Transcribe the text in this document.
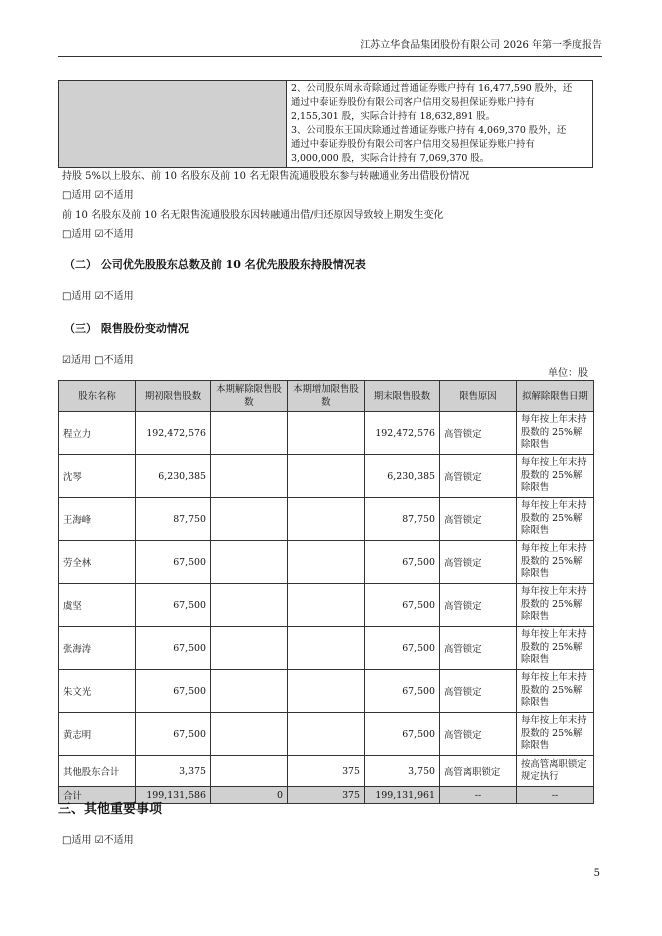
江苏立华食品集团股份有限公司 2026 年第一季度报告

2、公司股东周永奇除通过普通证券账户持有 16,477,590 股外，还
通过中泰证券股份有限公司客户信用交易担保证券账户持有
2,155,301 股，实际合计持有 18,632,891 股。
3、公司股东王国庆除通过普通证券账户持有 4,069,370 股外，还
通过中泰证券股份有限公司客户信用交易担保证券账户持有
3,000,000 股，实际合计持有 7,069,370 股。
持股 5%以上股东、前 10 名股东及前 10 名无限售流通股股东参与转融通业务出借股份情况
□适用 ☑不适用
前 10 名股东及前 10 名无限售流通股股东因转融通出借/归还原因导致较上期发生变化
□适用 ☑不适用
（二） 公司优先股股东总数及前 10 名优先股股东持股情况表
□适用 ☑不适用
（三） 限售股份变动情况
☑适用 □不适用
单位：股
股东名称	期初限售股数	本期解除限售股数	本期增加限售股数	期末限售股数	限售原因	拟解除限售日期
程立力	192,472,576			192,472,576	高管锁定	每年按上年末持股数的 25%解除限售
沈琴	6,230,385			6,230,385	高管锁定	每年按上年末持股数的 25%解除限售
王海峰	87,750			87,750	高管锁定	每年按上年末持股数的 25%解除限售
劳全林	67,500			67,500	高管锁定	每年按上年末持股数的 25%解除限售
虞坚	67,500			67,500	高管锁定	每年按上年末持股数的 25%解除限售
张海涛	67,500			67,500	高管锁定	每年按上年末持股数的 25%解除限售
朱文光	67,500			67,500	高管锁定	每年按上年末持股数的 25%解除限售
黄志明	67,500			67,500	高管锁定	每年按上年末持股数的 25%解除限售
其他股东合计	3,375		375	3,750	高管离职锁定	按高管离职锁定规定执行
合计	199,131,586	0	375	199,131,961	--	--
三、其他重要事项
□适用 ☑不适用
5
